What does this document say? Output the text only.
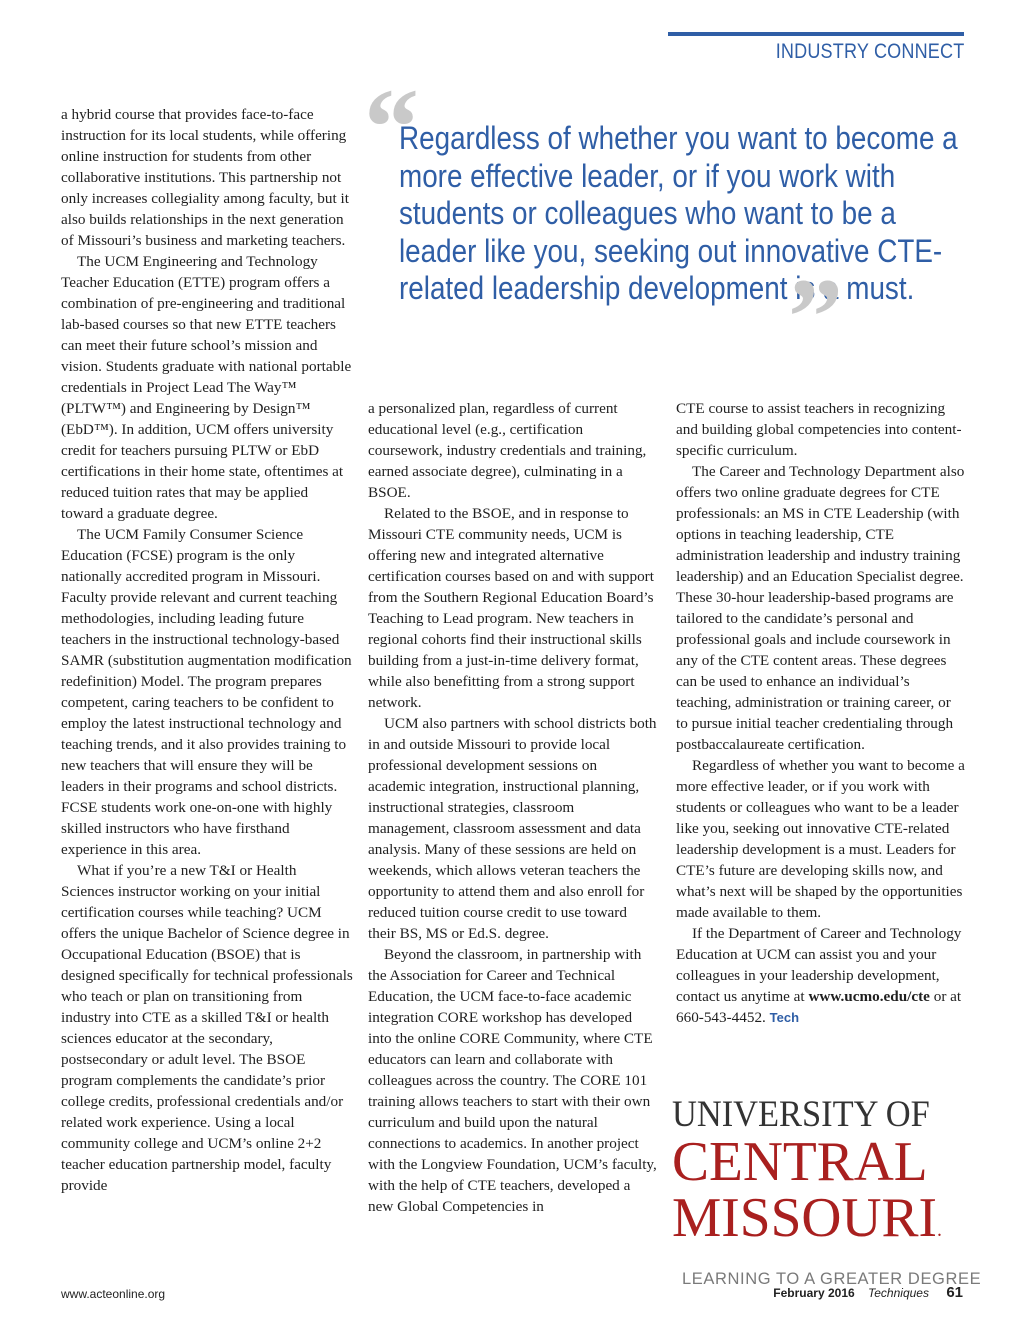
INDUSTRY CONNECT
“
Regardless of whether you want to become a more effective leader, or if you work with students or colleagues who want to be a leader like you, seeking out innovative CTE-related leadership development is a must.
”

a hybrid course that provides face-to-face instruction for its local students, while offering online instruction for students from other collaborative institutions. This partnership not only increases collegiality among faculty, but it also builds relationships in the next generation of Missouri’s business and marketing teachers.

The UCM Engineering and Technology Teacher Education (ETTE) program offers a combination of pre-engineering and traditional lab-based courses so that new ETTE teachers can meet their future school’s mission and vision. Students graduate with national portable credentials in Project Lead The Way™ (PLTW™) and Engineering by Design™ (EbD™). In addition, UCM offers university credit for teachers pursuing PLTW or EbD certifications in their home state, oftentimes at reduced tuition rates that may be applied toward a graduate degree.

The UCM Family Consumer Science Education (FCSE) program is the only nationally accredited program in Missouri. Faculty provide relevant and current teaching methodologies, including leading future teachers in the instructional technology-based SAMR (substitution augmentation modification redefinition) Model. The program prepares competent, caring teachers to be confident to employ the latest instructional technology and teaching trends, and it also provides training to new teachers that will ensure they will be leaders in their programs and school districts. FCSE students work one-on-one with highly skilled instructors who have firsthand experience in this area.

What if you’re a new T&I or Health Sciences instructor working on your initial certification courses while teaching? UCM offers the unique Bachelor of Science degree in Occupational Education (BSOE) that is designed specifically for technical professionals who teach or plan on transitioning from industry into CTE as a skilled T&I or health sciences educator at the secondary, postsecondary or adult level. The BSOE program complements the candidate’s prior college credits, professional credentials and/or related work experience. Using a local community college and UCM’s online 2+2 teacher education partnership model, faculty provide

a personalized plan, regardless of current educational level (e.g., certification coursework, industry credentials and training, earned associate degree), culminating in a BSOE.

Related to the BSOE, and in response to Missouri CTE community needs, UCM is offering new and integrated alternative certification courses based on and with support from the Southern Regional Education Board’s Teaching to Lead program. New teachers in regional cohorts find their instructional skills building from a just-in-time delivery format, while also benefitting from a strong support network.

UCM also partners with school districts both in and outside Missouri to provide local professional development sessions on academic integration, instructional planning, instructional strategies, classroom management, classroom assessment and data analysis. Many of these sessions are held on weekends, which allows veteran teachers the opportunity to attend them and also enroll for reduced tuition course credit to use toward their BS, MS or Ed.S. degree.

Beyond the classroom, in partnership with the Association for Career and Technical Education, the UCM face-to-face academic integration CORE workshop has developed into the online CORE Community, where CTE educators can learn and collaborate with colleagues across the country. The CORE 101 training allows teachers to start with their own curriculum and build upon the natural connections to academics. In another project with the Longview Foundation, UCM’s faculty, with the help of CTE teachers, developed a new Global Competencies in

CTE course to assist teachers in recognizing and building global competencies into content-specific curriculum.

The Career and Technology Department also offers two online graduate degrees for CTE professionals: an MS in CTE Leadership (with options in teaching leadership, CTE administration leadership and industry training leadership) and an Education Specialist degree. These 30-hour leadership-based programs are tailored to the candidate’s personal and professional goals and include coursework in any of the CTE content areas. These degrees can be used to enhance an individual’s teaching, administration or training career, or to pursue initial teacher credentialing through postbaccalaureate certification.

Regardless of whether you want to become a more effective leader, or if you work with students or colleagues who want to be a leader like you, seeking out innovative CTE-related leadership development is a must. Leaders for CTE’s future are developing skills now, and what’s next will be shaped by the opportunities made available to them.

If the Department of Career and Technology Education at UCM can assist you and your colleagues in your leadership development, contact us anytime at www.ucmo.edu/cte or at 660-543-4452. Tech

UNIVERSITY OF
CENTRAL
MISSOURI.
LEARNING TO A GREATER DEGREE
www.acteonline.org	February 2016 Techniques 61
